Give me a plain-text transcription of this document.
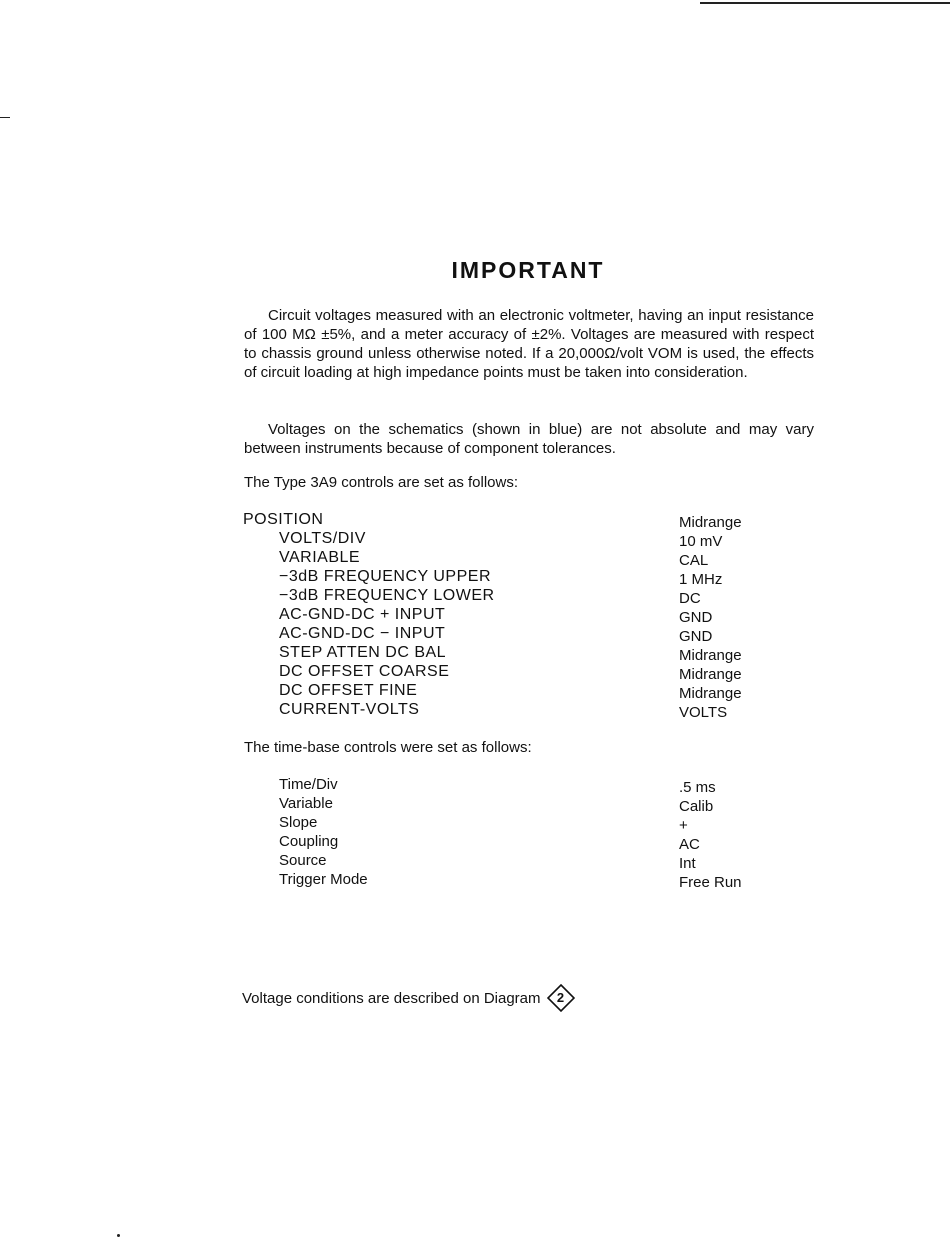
IMPORTANT

Circuit voltages measured with an electronic voltmeter, having an input resistance of 100 MΩ ±5%, and a meter accuracy of ±2%. Voltages are measured with respect to chassis ground unless otherwise noted. If a 20,000Ω/volt VOM is used, the effects of circuit loading at high impedance points must be taken into consideration.

Voltages on the schematics (shown in blue) are not absolute and may vary between instruments because of component tolerances.

The Type 3A9 controls are set as follows:

POSITION	Midrange
VOLTS/DIV	10 mV
VARIABLE	CAL
−3dB FREQUENCY UPPER	1 MHz
−3dB FREQUENCY LOWER	DC
AC-GND-DC + INPUT	GND
AC-GND-DC − INPUT	GND
STEP ATTEN DC BAL	Midrange
DC OFFSET COARSE	Midrange
DC OFFSET FINE	Midrange
CURRENT-VOLTS	VOLTS

The time-base controls were set as follows:

Time/Div	.5 ms
Variable	Calib
Slope	+
Coupling	AC
Source	Int
Trigger Mode	Free Run
Voltage conditions are described on Diagram	2
